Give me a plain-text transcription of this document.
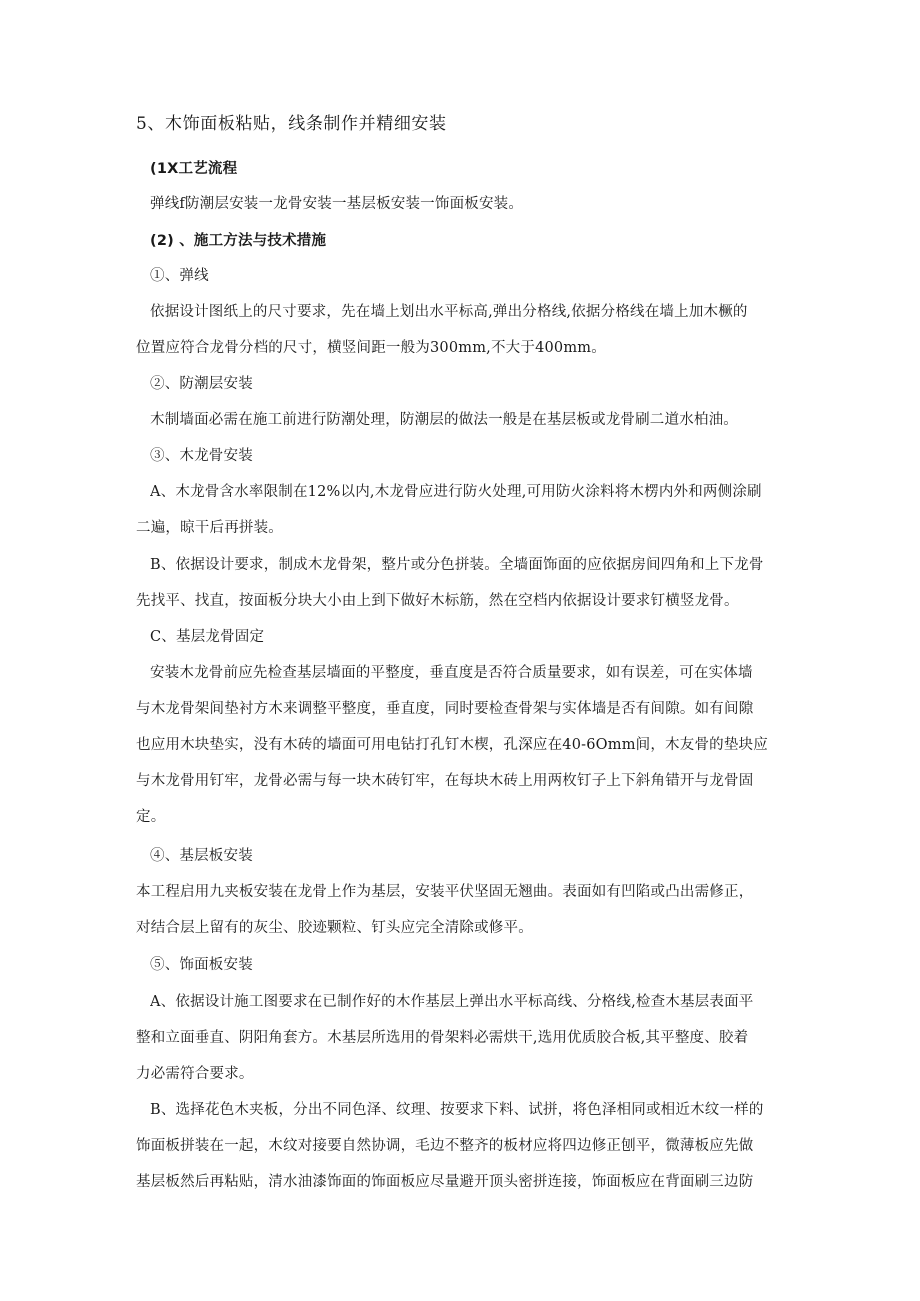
5、木饰面板粘贴，线条制作并精细安装
(1X工艺流程
弹线f防潮层安装一龙骨安装一基层板安装一饰面板安装。
(2) 、施工方法与技术措施
①、弹线
依据设计图纸上的尺寸要求，先在墙上划出水平标高,弹出分格线,依据分格线在墙上加木橛的
位置应符合龙骨分档的尺寸，横竖间距一般为300mm,不大于400mm。
②、防潮层安装
木制墙面必需在施工前进行防潮处理，防潮层的做法一般是在基层板或龙骨刷二道水柏油。
③、木龙骨安装
A、木龙骨含水率限制在12%以内,木龙骨应进行防火处理,可用防火涂料将木楞内外和两侧涂刷
二遍，晾干后再拼装。
B、依据设计要求，制成木龙骨架，整片或分色拼装。全墙面饰面的应依据房间四角和上下龙骨
先找平、找直，按面板分块大小由上到下做好木标筋，然在空档内依据设计要求钉横竖龙骨。
C、基层龙骨固定
安装木龙骨前应先检查基层墙面的平整度，垂直度是否符合质量要求，如有误差，可在实体墙
与木龙骨架间垫衬方木来调整平整度，垂直度，同时要检查骨架与实体墙是否有间隙。如有间隙
也应用木块垫实，没有木砖的墙面可用电钻打孔钉木楔，孔深应在40-6Omm间，木友骨的垫块应
与木龙骨用钉牢，龙骨必需与每一块木砖钉牢，在每块木砖上用两枚钉子上下斜角错开与龙骨固
定。
④、基层板安装
本工程启用九夹板安装在龙骨上作为基层，安装平伏坚固无翘曲。表面如有凹陷或凸出需修正，
对结合层上留有的灰尘、胶迹颗粒、钉头应完全清除或修平。
⑤、饰面板安装
A、依据设计施工图要求在已制作好的木作基层上弹出水平标高线、分格线,检查木基层表面平
整和立面垂直、阴阳角套方。木基层所选用的骨架料必需烘干,选用优质胶合板,其平整度、胶着
力必需符合要求。
B、选择花色木夹板，分出不同色泽、纹理、按要求下料、试拼，将色泽相同或相近木纹一样的
饰面板拼装在一起，木纹对接要自然协调，毛边不整齐的板材应将四边修正刨平，微薄板应先做
基层板然后再粘贴，清水油漆饰面的饰面板应尽量避开顶头密拼连接，饰面板应在背面刷三边防
